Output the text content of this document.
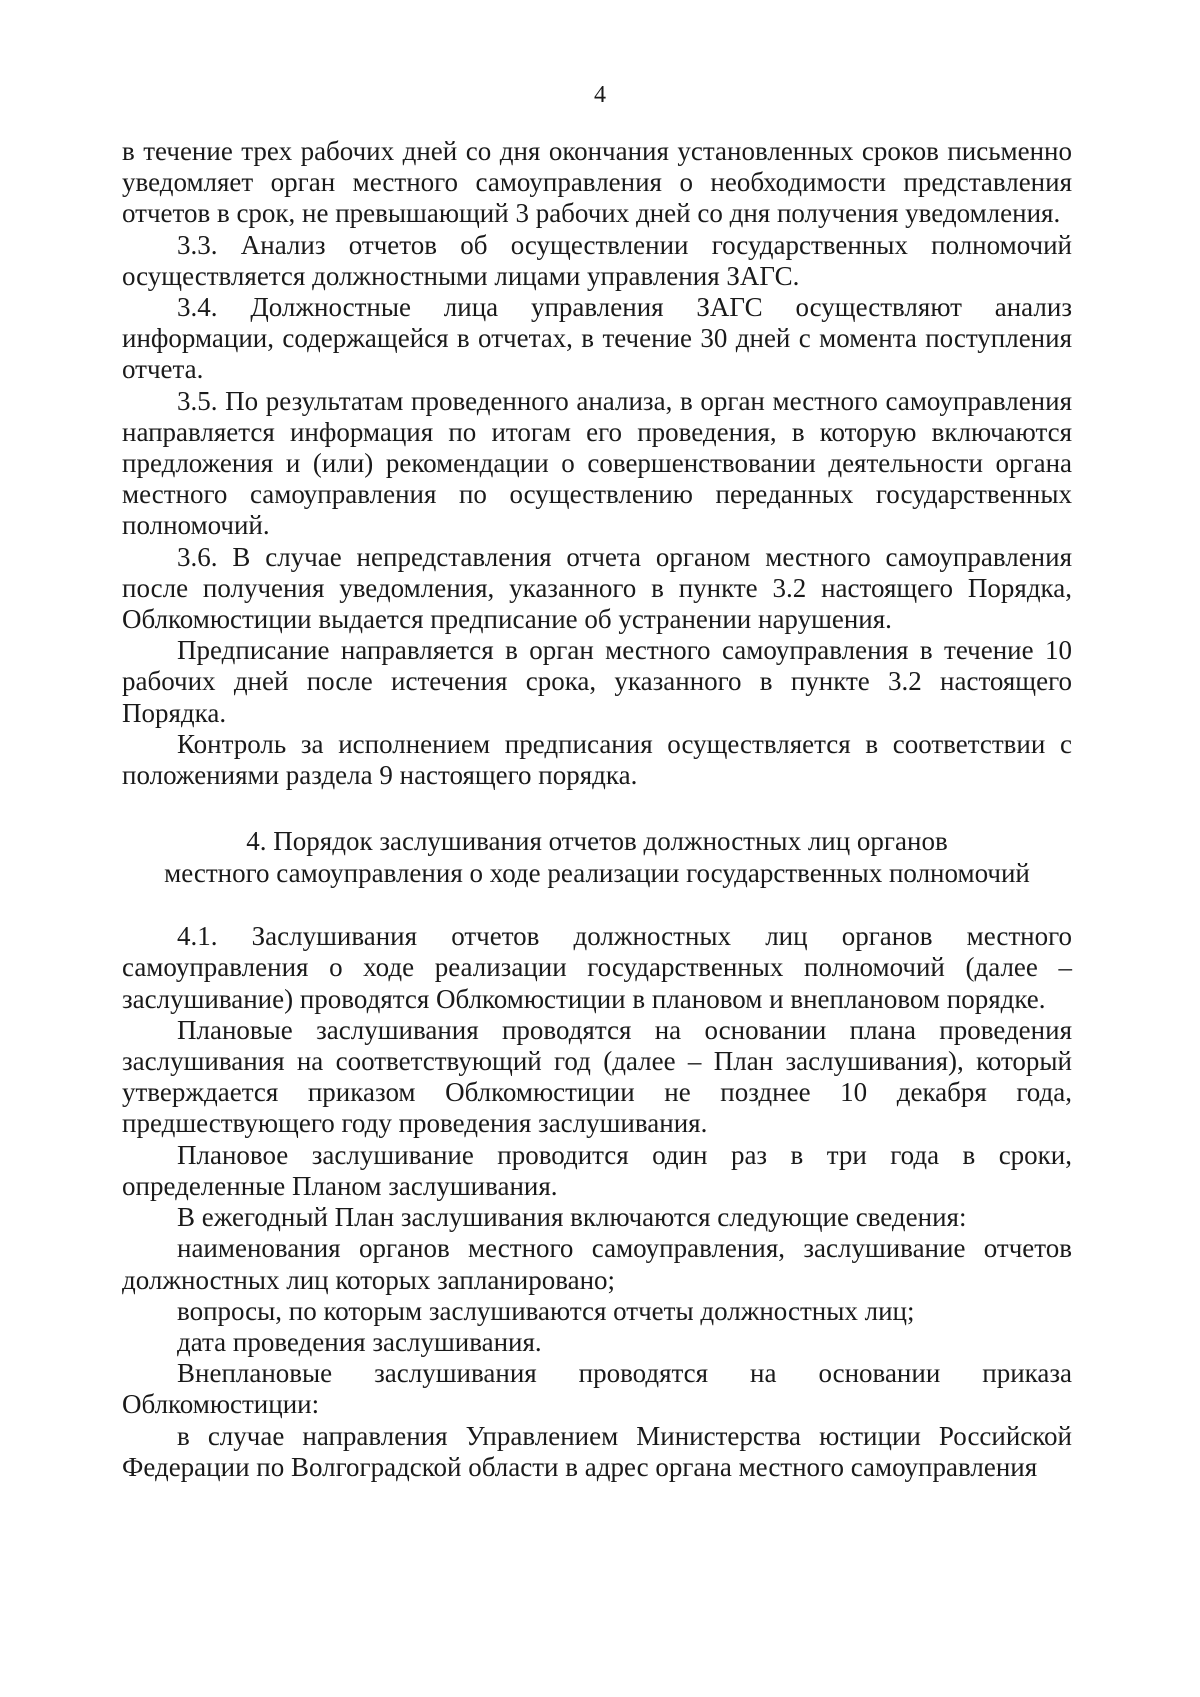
4

в течение трех рабочих дней со дня окончания установленных сроков письменно уведомляет орган местного самоуправления о необходимости представления отчетов в срок, не превышающий 3 рабочих дней со дня получения уведомления.

3.3. Анализ отчетов об осуществлении государственных полномочий осуществляется должностными лицами управления ЗАГС.

3.4. Должностные лица управления ЗАГС осуществляют анализ информации, содержащейся в отчетах, в течение 30 дней с момента поступления отчета.

3.5. По результатам проведенного анализа, в орган местного самоуправления направляется информация по итогам его проведения, в которую включаются предложения и (или) рекомендации о совершенствовании деятельности органа местного самоуправления по осуществлению переданных государственных полномочий.

3.6. В случае непредставления отчета органом местного самоуправления после получения уведомления, указанного в пункте 3.2 настоящего Порядка, Облкомюстиции выдается предписание об устранении нарушения.

Предписание направляется в орган местного самоуправления в течение 10 рабочих дней после истечения срока, указанного в пункте 3.2 настоящего Порядка.

Контроль за исполнением предписания осуществляется в соответствии с положениями раздела 9 настоящего порядка.

4. Порядок заслушивания отчетов должностных лиц органов
местного самоуправления о ходе реализации государственных полномочий

4.1. Заслушивания отчетов должностных лиц органов местного самоуправления о ходе реализации государственных полномочий (далее – заслушивание) проводятся Облкомюстиции в плановом и внеплановом порядке.

Плановые заслушивания проводятся на основании плана проведения заслушивания на соответствующий год (далее – План заслушивания), который утверждается приказом Облкомюстиции не позднее 10 декабря года, предшествующего году проведения заслушивания.

Плановое заслушивание проводится один раз в три года в сроки, определенные Планом заслушивания.

В ежегодный План заслушивания включаются следующие сведения:

наименования органов местного самоуправления, заслушивание отчетов должностных лиц которых запланировано;

вопросы, по которым заслушиваются отчеты должностных лиц;

дата проведения заслушивания.

Внеплановые заслушивания проводятся на основании приказа Облкомюстиции:

в случае направления Управлением Министерства юстиции Российской Федерации по Волгоградской области в адрес органа местного самоуправления
